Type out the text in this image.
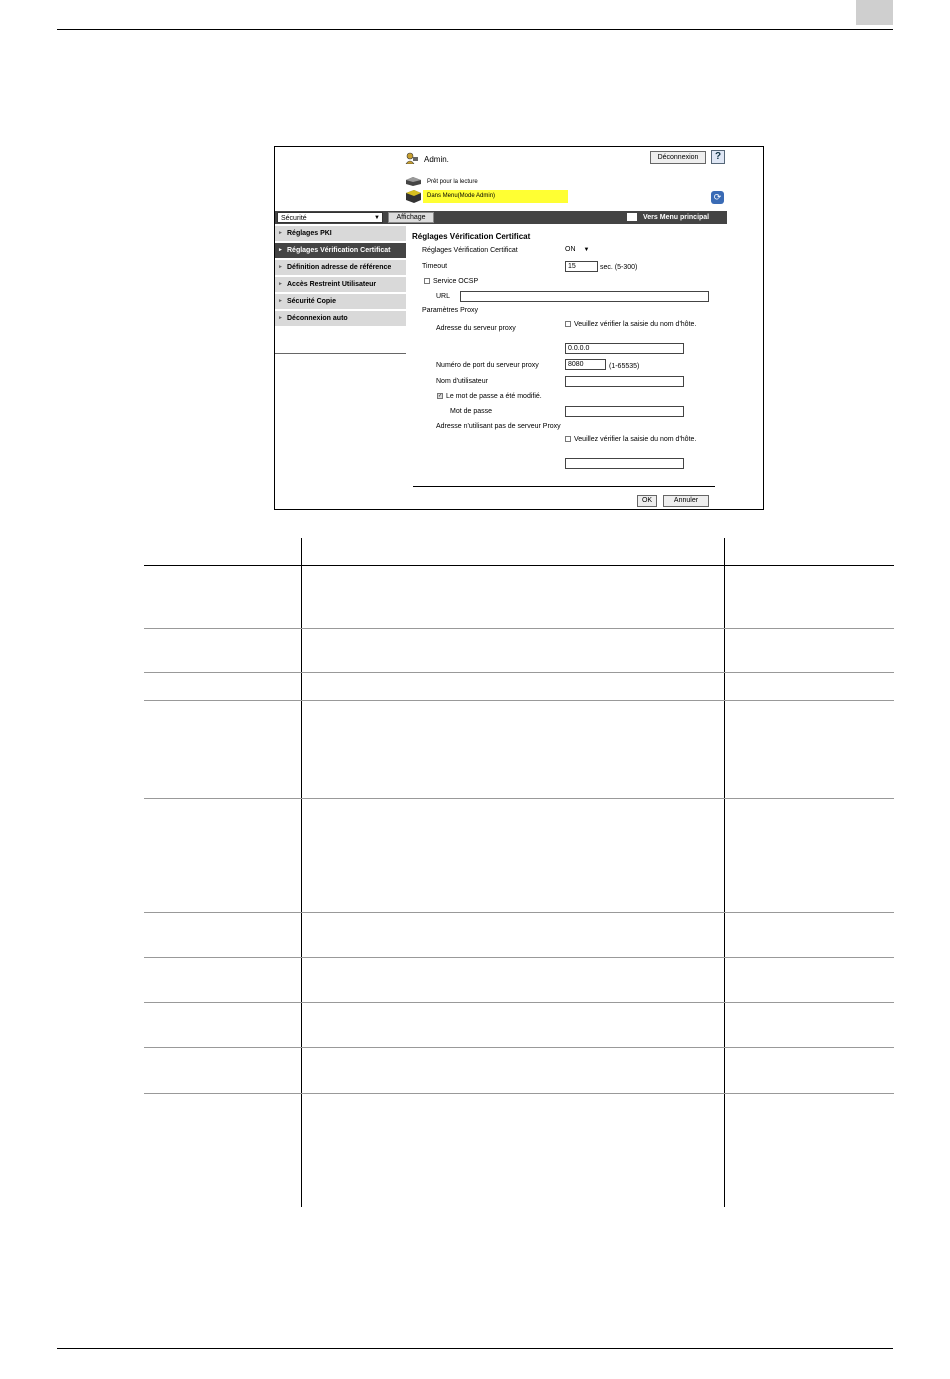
Admin.	Déconnexion	?
Prêt pour la lecture
Dans Menu(Mode Admin)	⟳
Sécurité	▼	Affichage	Vers Menu principal
► Réglages PKI
► Réglages Vérification Certificat
► Définition adresse de référence
► Accès Restreint Utilisateur
► Sécurité Copie
► Déconnexion auto
Réglages Vérification Certificat
Réglages Vérification Certificat	ON ▼
Timeout	15	sec. (5-300)
Service OCSP
URL
Paramètres Proxy
Adresse du serveur proxy
Veuillez vérifier la saisie du nom d'hôte.
0.0.0.0
Numéro de port du serveur proxy	8080	(1-65535)
Nom d'utilisateur
✓ Le mot de passe a été modifié.
Mot de passe
Adresse n'utilisant pas de serveur Proxy
Veuillez vérifier la saisie du nom d'hôte.
OK	Annuler
